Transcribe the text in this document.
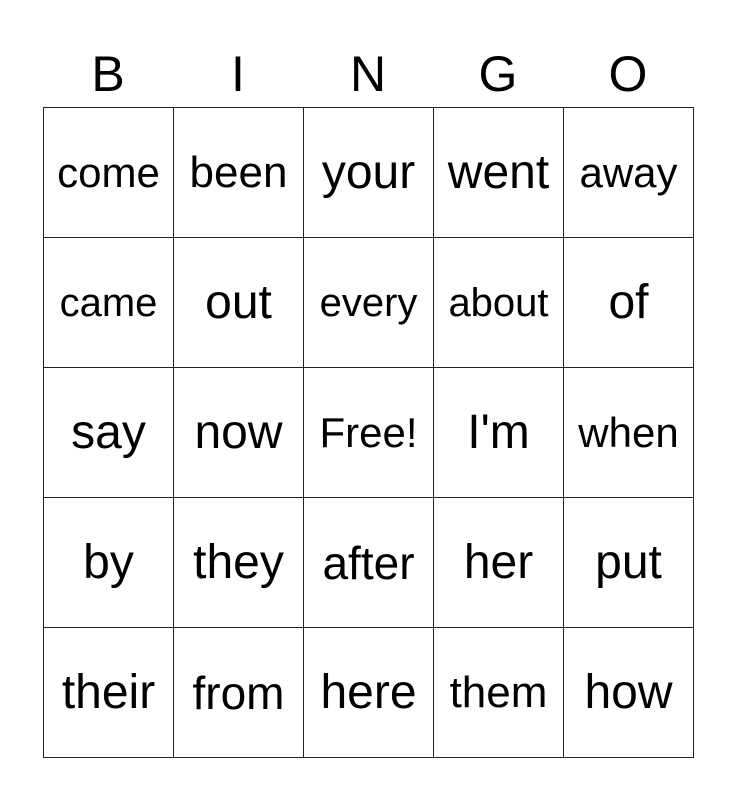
B	I	N	G	O
come been your went away
came out	every about	of
say	now Free!	I'm	when
by	they after	her	put
their from here them how
